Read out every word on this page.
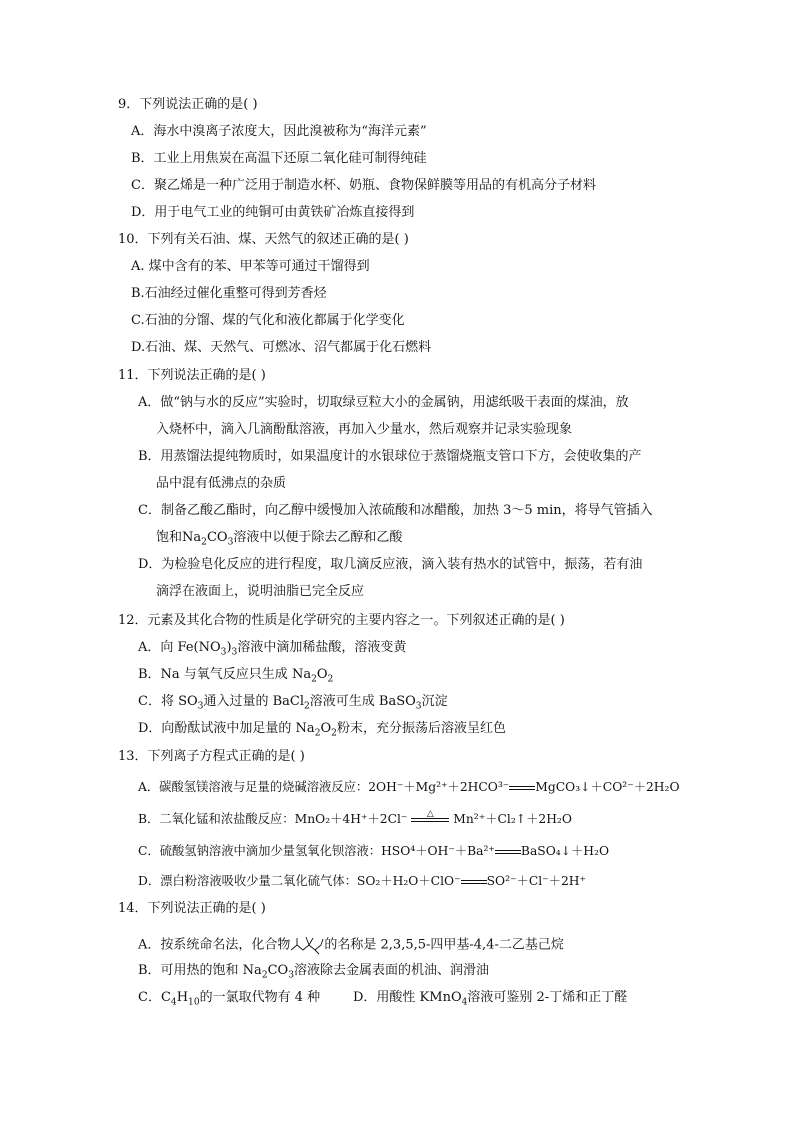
9．下列说法正确的是( )
A．海水中溴离子浓度大，因此溴被称为“海洋元素”
B．工业上用焦炭在高温下还原二氧化硅可制得纯硅
C．聚乙烯是一种广泛用于制造水杯、奶瓶、食物保鲜膜等用品的有机高分子材料
D．用于电气工业的纯铜可由黄铁矿冶炼直接得到
10．下列有关石油、煤、天然气的叙述正确的是( )
A. 煤中含有的苯、甲苯等可通过干馏得到
B.石油经过催化重整可得到芳香烃
C.石油的分馏、煤的气化和液化都属于化学变化
D.石油、煤、天然气、可燃冰、沼气都属于化石燃料
11．下列说法正确的是( )
A．做“钠与水的反应”实验时，切取绿豆粒大小的金属钠，用滤纸吸干表面的煤油，放
入烧杯中，滴入几滴酚酞溶液，再加入少量水，然后观察并记录实验现象
B．用蒸馏法提纯物质时，如果温度计的水银球位于蒸馏烧瓶支管口下方，会使收集的产
品中混有低沸点的杂质
C．制备乙酸乙酯时，向乙醇中缓慢加入浓硫酸和冰醋酸，加热 3～5 min，将导气管插入
饱和$Na_2CO_3$溶液中以便于除去乙醇和乙酸
D．为检验皂化反应的进行程度，取几滴反应液，滴入装有热水的试管中，振荡，若有油
滴浮在液面上，说明油脂已完全反应
12．元素及其化合物的性质是化学研究的主要内容之一。下列叙述正确的是( )
A．向 $Fe(NO_3)_3$溶液中滴加稀盐酸，溶液变黄
B．Na 与氧气反应只生成 $Na_2O_2$
C．将 $SO_3$通入过量的 BaCl$_2$溶液可生成 BaSO$_3$沉淀
D．向酚酞试液中加足量的 $Na_2O_2$粉末，充分振荡后溶液呈红色
13．下列离子方程式正确的是( )
A．碳酸氢镁溶液与足量的烧碱溶液反应：2OH⁻＋Mg²⁺＋2HCO³⁻ MgCO₃↓＋CO²⁻＋2H₂O
B．二氧化锰和浓盐酸反应：MnO₂＋4H⁺＋2Cl⁻	△	Mn²⁺＋Cl₂↑＋2H₂O
C．硫酸氢钠溶液中滴加少量氢氧化钡溶液：HSO⁴＋OH⁻＋Ba²⁺ BaSO₄↓＋H₂O
D．漂白粉溶液吸收少量二氧化硫气体：SO₂＋H₂O＋ClO⁻ SO²⁻＋Cl⁻＋2H⁺
14．下列说法正确的是( )
A．按系统命名法，化合物	的名称是 2,3,5,5-四甲基-4,4-二乙基己烷
B．可用热的饱和 $Na_2CO_3$溶液除去金属表面的机油、润滑油
C．$C_4H_{10}$的一氯取代物有 4 种	D．用酸性 KMnO$_4$溶液可鉴别 2-丁烯和正丁醛
